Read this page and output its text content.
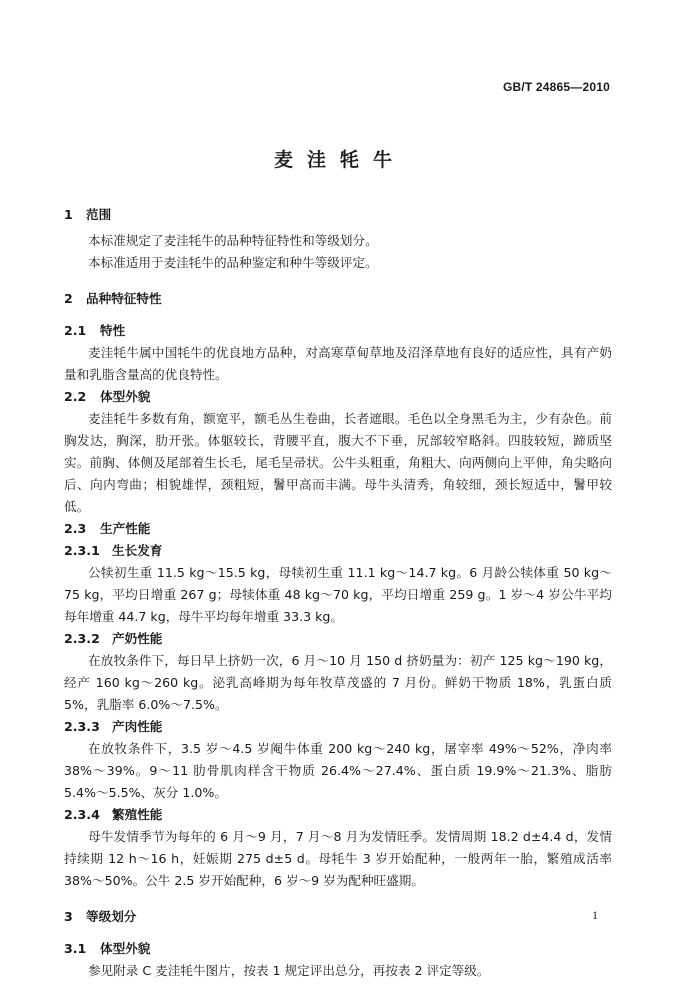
GB/T 24865—2010
麦洼牦牛
1 范围
本标准规定了麦洼牦牛的品种特征特性和等级划分。
本标准适用于麦洼牦牛的品种鉴定和种牛等级评定。
2 品种特征特性
2.1 特性
麦洼牦牛属中国牦牛的优良地方品种，对高寒草甸草地及沼泽草地有良好的适应性，具有产奶量和乳脂含量高的优良特性。
2.2 体型外貌
麦洼牦牛多数有角，额宽平，额毛丛生卷曲，长者遮眼。毛色以全身黑毛为主，少有杂色。前胸发达，胸深，肋开张。体躯较长，背腰平直，腹大不下垂，尻部较窄略斜。四肢较短，蹄质坚实。前胸、体侧及尾部着生长毛，尾毛呈帚状。公牛头粗重，角粗大、向两侧向上平伸，角尖略向后、向内弯曲；相貌雄悍，颈粗短，鬐甲高而丰满。母牛头清秀，角较细，颈长短适中，鬐甲较低。
2.3 生产性能
2.3.1 生长发育
公犊初生重 11.5 kg～15.5 kg，母犊初生重 11.1 kg～14.7 kg。6 月龄公犊体重 50 kg～75 kg，平均日增重 267 g；母犊体重 48 kg～70 kg，平均日增重 259 g。1 岁～4 岁公牛平均每年增重 44.7 kg，母牛平均每年增重 33.3 kg。
2.3.2 产奶性能
在放牧条件下，每日早上挤奶一次，6 月～10 月 150 d 挤奶量为：初产 125 kg～190 kg，经产 160 kg～260 kg。泌乳高峰期为每年牧草茂盛的 7 月份。鲜奶干物质 18%，乳蛋白质 5%，乳脂率 6.0%～7.5%。
2.3.3 产肉性能
在放牧条件下，3.5 岁～4.5 岁阉牛体重 200 kg～240 kg，屠宰率 49%～52%，净肉率 38%～39%。9～11 肋骨肌肉样含干物质 26.4%～27.4%、蛋白质 19.9%～21.3%、脂肪 5.4%～5.5%、灰分 1.0%。
2.3.4 繁殖性能
母牛发情季节为每年的 6 月～9 月，7 月～8 月为发情旺季。发情周期 18.2 d±4.4 d，发情持续期 12 h～16 h，妊娠期 275 d±5 d。母牦牛 3 岁开始配种，一般两年一胎，繁殖成活率 38%～50%。公牛 2.5 岁开始配种，6 岁～9 岁为配种旺盛期。
3 等级划分
3.1 体型外貌
参见附录 C 麦洼牦牛图片，按表 1 规定评出总分，再按表 2 评定等级。
1
